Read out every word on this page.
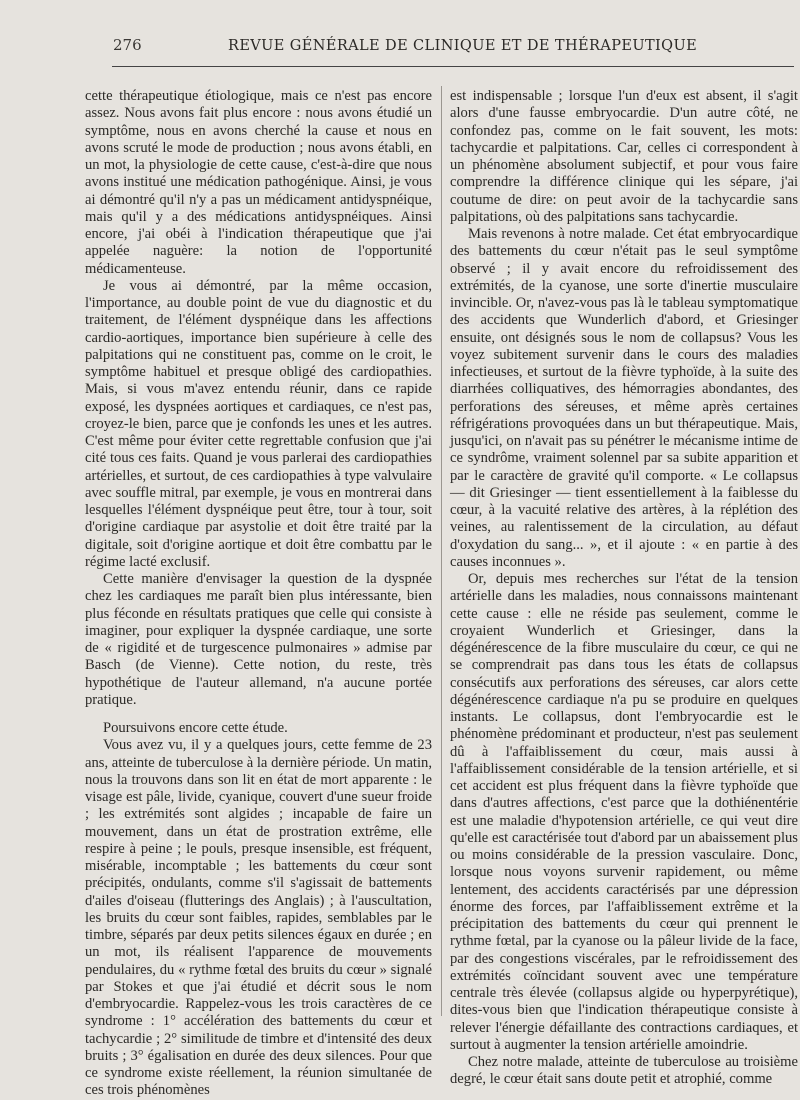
276	REVUE GÉNÉRALE DE CLINIQUE ET DE THÉRAPEUTIQUE

cette thérapeutique étiologique, mais ce n'est pas encore assez. Nous avons fait plus encore : nous avons étudié un symptôme, nous en avons cherché la cause et nous en avons scruté le mode de production ; nous avons établi, en un mot, la physiologie de cette cause, c'est-à-dire que nous avons institué une médication pathogénique. Ainsi, je vous ai démontré qu'il n'y a pas un médicament antidyspnéique, mais qu'il y a des médications antidyspnéiques. Ainsi encore, j'ai obéi à l'indication thérapeutique que j'ai appelée naguère: la notion de l'opportunité médicamenteuse.

Je vous ai démontré, par la même occasion, l'importance, au double point de vue du diagnostic et du traitement, de l'élément dyspnéique dans les affections cardio-aortiques, importance bien supérieure à celle des palpitations qui ne constituent pas, comme on le croit, le symptôme habituel et presque obligé des cardiopathies. Mais, si vous m'avez entendu réunir, dans ce rapide exposé, les dyspnées aortiques et cardiaques, ce n'est pas, croyez-le bien, parce que je confonds les unes et les autres. C'est même pour éviter cette regrettable confusion que j'ai cité tous ces faits. Quand je vous parlerai des cardiopathies artérielles, et surtout, de ces cardiopathies à type valvulaire avec souffle mitral, par exemple, je vous en montrerai dans lesquelles l'élément dyspnéique peut être, tour à tour, soit d'origine cardiaque par asystolie et doit être traité par la digitale, soit d'origine aortique et doit être combattu par le régime lacté exclusif.

Cette manière d'envisager la question de la dyspnée chez les cardiaques me paraît bien plus intéressante, bien plus féconde en résultats pratiques que celle qui consiste à imaginer, pour expliquer la dyspnée cardiaque, une sorte de « rigidité et de turgescence pulmonaires » admise par Basch (de Vienne). Cette notion, du reste, très hypothétique de l'auteur allemand, n'a aucune portée pratique.

Poursuivons encore cette étude.

Vous avez vu, il y a quelques jours, cette femme de 23 ans, atteinte de tuberculose à la dernière période. Un matin, nous la trouvons dans son lit en état de mort apparente : le visage est pâle, livide, cyanique, couvert d'une sueur froide ; les extrémités sont algides ; incapable de faire un mouvement, dans un état de prostration extrême, elle respire à peine ; le pouls, presque insensible, est fréquent, misérable, incomptable ; les battements du cœur sont précipités, ondulants, comme s'il s'agissait de battements d'ailes d'oiseau (flutterings des Anglais) ; à l'auscultation, les bruits du cœur sont faibles, rapides, semblables par le timbre, séparés par deux petits silences égaux en durée ; en un mot, ils réalisent l'apparence de mouvements pendulaires, du « rythme fœtal des bruits du cœur » signalé par Stokes et que j'ai étudié et décrit sous le nom d'embryocardie. Rappelez-vous les trois caractères de ce syndrome : 1° accélération des battements du cœur et tachycardie ; 2° similitude de timbre et d'intensité des deux bruits ; 3° égalisation en durée des deux silences. Pour que ce syndrome existe réellement, la réunion simultanée de ces trois phénomènes

est indispensable ; lorsque l'un d'eux est absent, il s'agit alors d'une fausse embryocardie. D'un autre côté, ne confondez pas, comme on le fait souvent, les mots: tachycardie et palpitations. Car, celles ci correspondent à un phénomène absolument subjectif, et pour vous faire comprendre la différence clinique qui les sépare, j'ai coutume de dire: on peut avoir de la tachycardie sans palpitations, où des palpitations sans tachycardie.

Mais revenons à notre malade. Cet état embryocardique des battements du cœur n'était pas le seul symptôme observé ; il y avait encore du refroidissement des extrémités, de la cyanose, une sorte d'inertie musculaire invincible. Or, n'avez-vous pas là le tableau symptomatique des accidents que Wunderlich d'abord, et Griesinger ensuite, ont désignés sous le nom de collapsus? Vous les voyez subitement survenir dans le cours des maladies infectieuses, et surtout de la fièvre typhoïde, à la suite des diarrhées colliquatives, des hémorragies abondantes, des perforations des séreuses, et même après certaines réfrigérations provoquées dans un but thérapeutique. Mais, jusqu'ici, on n'avait pas su pénétrer le mécanisme intime de ce syndrôme, vraiment solennel par sa subite apparition et par le caractère de gravité qu'il comporte. « Le collapsus — dit Griesinger — tient essentiellement à la faiblesse du cœur, à la vacuité relative des artères, à la réplétion des veines, au ralentissement de la circulation, au défaut d'oxydation du sang... », et il ajoute : « en partie à des causes inconnues ».

Or, depuis mes recherches sur l'état de la tension artérielle dans les maladies, nous connaissons maintenant cette cause : elle ne réside pas seulement, comme le croyaient Wunderlich et Griesinger, dans la dégénérescence de la fibre musculaire du cœur, ce qui ne se comprendrait pas dans tous les états de collapsus consécutifs aux perforations des séreuses, car alors cette dégénérescence cardiaque n'a pu se produire en quelques instants. Le collapsus, dont l'embryocardie est le phénomène prédominant et producteur, n'est pas seulement dû à l'affaiblissement du cœur, mais aussi à l'affaiblissement considérable de la tension artérielle, et si cet accident est plus fréquent dans la fièvre typhoïde que dans d'autres affections, c'est parce que la dothiénentérie est une maladie d'hypotension artérielle, ce qui veut dire qu'elle est caractérisée tout d'abord par un abaissement plus ou moins considérable de la pression vasculaire. Donc, lorsque nous voyons survenir rapidement, ou même lentement, des accidents caractérisés par une dépression énorme des forces, par l'affaiblissement extrême et la précipitation des battements du cœur qui prennent le rythme fœtal, par la cyanose ou la pâleur livide de la face, par des congestions viscérales, par le refroidissement des extrémités coïncidant souvent avec une température centrale très élevée (collapsus algide ou hyperpyrétique), dites-vous bien que l'indication thérapeutique consiste à relever l'énergie défaillante des contractions cardiaques, et surtout à augmenter la tension artérielle amoindrie.

Chez notre malade, atteinte de tuberculose au troisième degré, le cœur était sans doute petit et atrophié, comme
